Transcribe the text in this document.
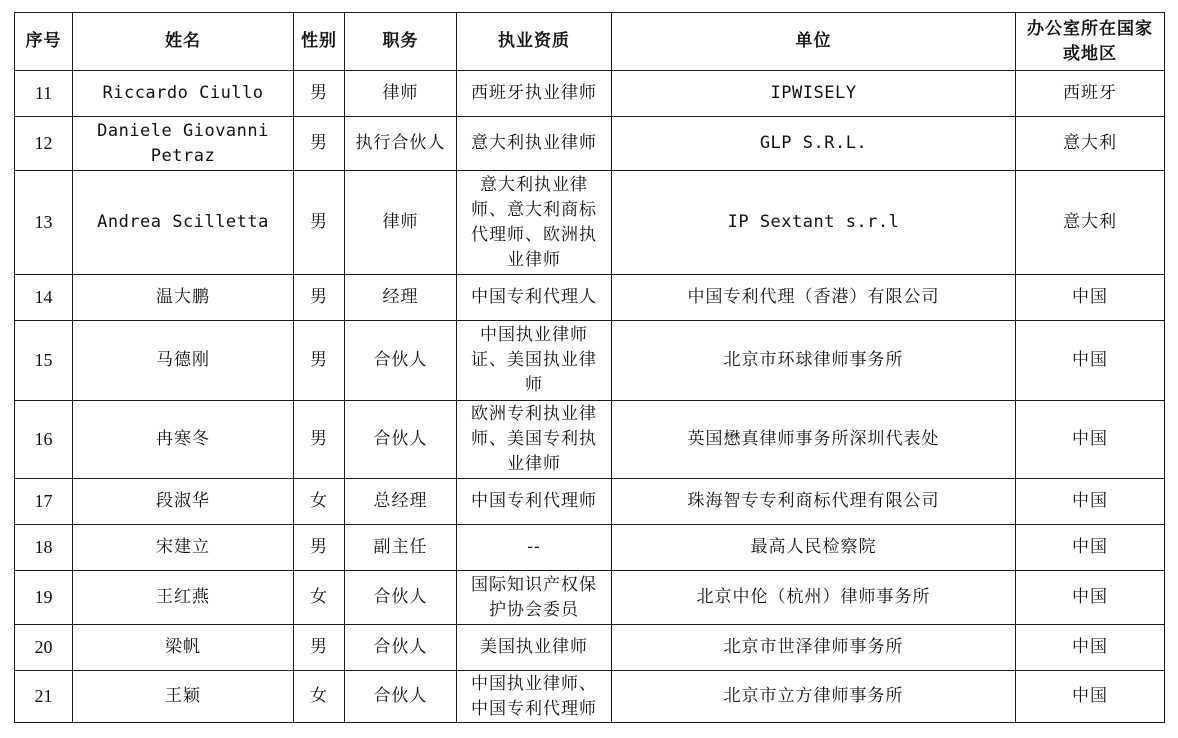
序号	姓名	性别	职务	执业资质	单位	办公室所在国家
或地区

11	Riccardo Ciullo	男	律师	西班牙执业律师	IPWISELY	西班牙
12	Daniele Giovanni
Petraz	男	执行合伙人	意大利执业律师	GLP S.R.L.	意大利
13	Andrea Scilletta	男	律师	意大利执业律
师、意大利商标
代理师、欧洲执
业律师	IP Sextant s.r.l	意大利
14	温大鹏	男	经理	中国专利代理人	中国专利代理（香港）有限公司	中国
15	马德刚	男	合伙人	中国执业律师
证、美国执业律
师	北京市环球律师事务所	中国
16	冉寒冬	男	合伙人	欧洲专利执业律
师、美国专利执
业律师	英国懋真律师事务所深圳代表处	中国
17	段淑华	女	总经理	中国专利代理师	珠海智专专利商标代理有限公司	中国
18	宋建立	男	副主任	--	最高人民检察院	中国
19	王红燕	女	合伙人	国际知识产权保
护协会委员	北京中伦（杭州）律师事务所	中国
20	梁帆	男	合伙人	美国执业律师	北京市世泽律师事务所	中国
21	王颖	女	合伙人	中国执业律师、
中国专利代理师	北京市立方律师事务所	中国
